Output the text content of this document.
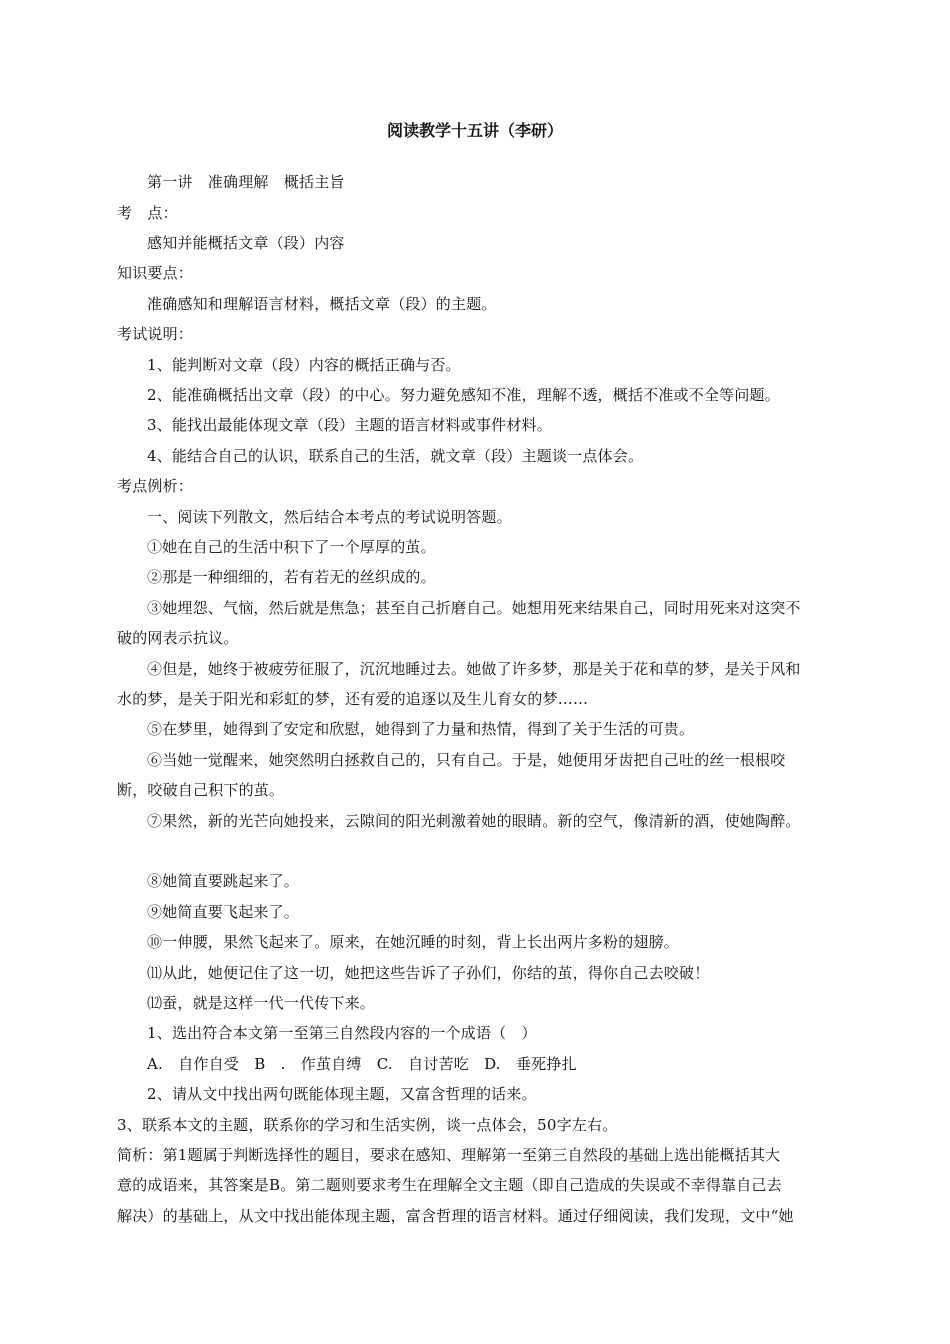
阅读教学十五讲（李研）
第一讲　准确理解　概括主旨
考　点：
感知并能概括文章（段）内容
知识要点：
准确感知和理解语言材料，概括文章（段）的主题。
考试说明：
1、能判断对文章（段）内容的概括正确与否。
2、能准确概括出文章（段）的中心。努力避免感知不准，理解不透，概括不准或不全等问题。
3、能找出最能体现文章（段）主题的语言材料或事件材料。
4、能结合自己的认识，联系自己的生活，就文章（段）主题谈一点体会。
考点例析：
一、阅读下列散文，然后结合本考点的考试说明答题。
①她在自己的生活中积下了一个厚厚的茧。
②那是一种细细的，若有若无的丝织成的。
③她埋怨、气恼，然后就是焦急；甚至自己折磨自己。她想用死来结果自己，同时用死来对这突不
破的网表示抗议。
④但是，她终于被疲劳征服了，沉沉地睡过去。她做了许多梦，那是关于花和草的梦，是关于风和
水的梦，是关于阳光和彩虹的梦，还有爱的追逐以及生儿育女的梦……
⑤在梦里，她得到了安定和欣慰，她得到了力量和热情，得到了关于生活的可贵。
⑥当她一觉醒来，她突然明白拯救自己的，只有自己。于是，她便用牙齿把自己吐的丝一根根咬
断，咬破自己积下的茧。
⑦果然，新的光芒向她投来，云隙间的阳光刺激着她的眼睛。新的空气，像清新的酒，使她陶醉。
⑧她简直要跳起来了。
⑨她简直要飞起来了。
⑩一伸腰，果然飞起来了。原来，在她沉睡的时刻，背上长出两片多粉的翅膀。
⑾从此，她便记住了这一切，她把这些告诉了子孙们，你结的茧，得你自己去咬破！
⑿蚕，就是这样一代一代传下来。
1、选出符合本文第一至第三自然段内容的一个成语（　）
A.　自作自受　B　.　作茧自缚　C.　自讨苦吃　D.　垂死挣扎
2、请从文中找出两句既能体现主题，又富含哲理的话来。
3、联系本文的主题，联系你的学习和生活实例，谈一点体会，50字左右。
简析：第1题属于判断选择性的题目，要求在感知、理解第一至第三自然段的基础上选出能概括其大
意的成语来，其答案是B。第二题则要求考生在理解全文主题（即自己造成的失误或不幸得靠自己去
解决）的基础上，从文中找出能体现主题，富含哲理的语言材料。通过仔细阅读，我们发现，文中“她
